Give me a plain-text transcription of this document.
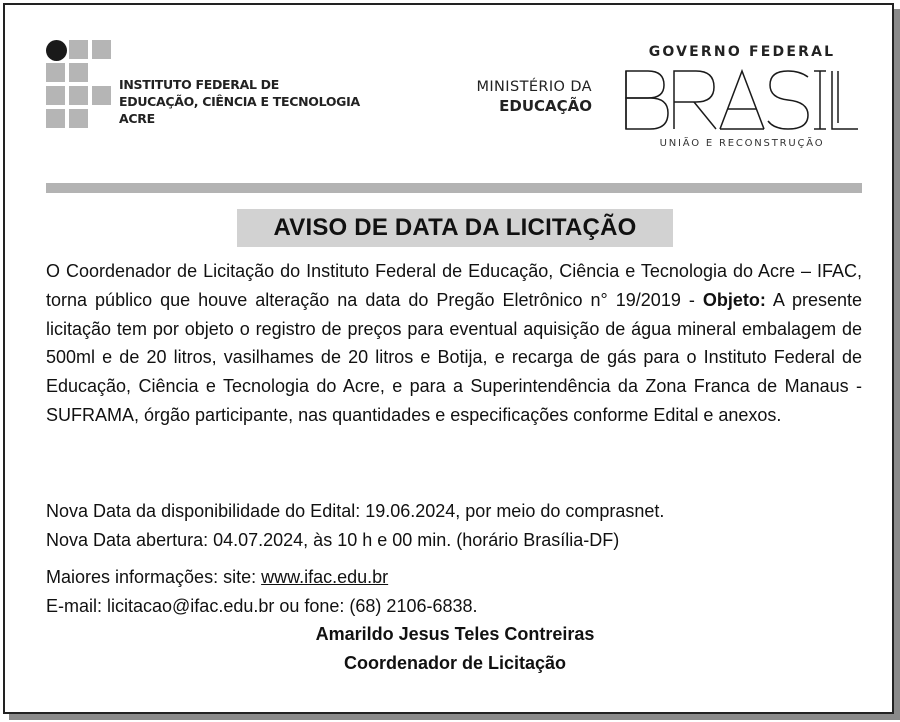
INSTITUTO FEDERAL DE
EDUCAÇÃO, CIÊNCIA E TECNOLOGIA
ACRE
MINISTÉRIO DA
EDUCAÇÃO
GOVERNO FEDERAL
UNIÃO E RECONSTRUÇÃO
AVISO DE DATA DA LICITAÇÃO
O Coordenador de Licitação do Instituto Federal de Educação, Ciência e Tecnologia do Acre – IFAC, torna público que houve alteração na data do Pregão Eletrônico n° 19/2019 - Objeto: A presente licitação tem por objeto o registro de preços para eventual aquisição de água mineral embalagem de 500ml e de 20 litros, vasilhames de 20 litros e Botija, e recarga de gás para o Instituto Federal de Educação, Ciência e Tecnologia do Acre, e para a Superintendência da Zona Franca de Manaus - SUFRAMA, órgão participante, nas quantidades e especificações conforme Edital e anexos.
Nova Data da disponibilidade do Edital: 19.06.2024, por meio do comprasnet.
Nova Data abertura: 04.07.2024, às 10 h e 00 min. (horário Brasília-DF)
Maiores informações: site: www.ifac.edu.br
E-mail: licitacao@ifac.edu.br ou fone: (68) 2106-6838.
Amarildo Jesus Teles Contreiras
Coordenador de Licitação
